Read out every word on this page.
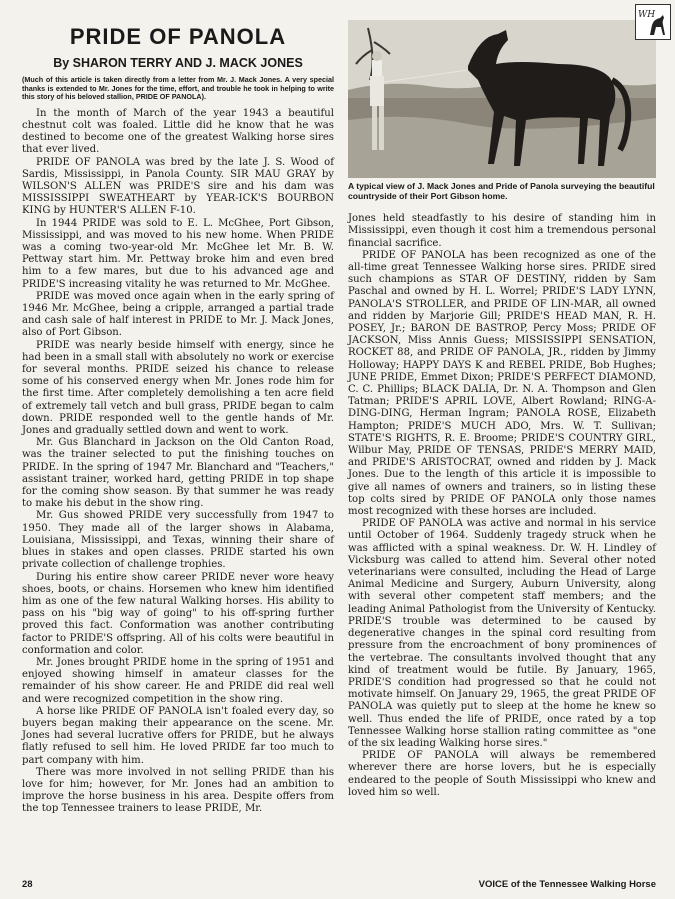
PRIDE OF PANOLA
By SHARON TERRY AND J. MACK JONES
(Much of this article is taken directly from a letter from Mr. J. Mack Jones. A very special thanks is extended to Mr. Jones for the time, effort, and trouble he took in helping to write this story of his beloved stallion, PRIDE OF PANOLA).

In the month of March of the year 1943 a beautiful chestnut colt was foaled. Little did he know that he was destined to become one of the greatest Walking horse sires that ever lived.

PRIDE OF PANOLA was bred by the late J. S. Wood of Sardis, Mississippi, in Panola County. SIR MAU GRAY by WILSON'S ALLEN was PRIDE'S sire and his dam was MISSISSIPPI SWEATHEART by YEAR-ICK'S BOURBON KING by HUNTER'S ALLEN F-10.

In 1944 PRIDE was sold to E. L. McGhee, Port Gibson, Mississippi, and was moved to his new home. When PRIDE was a coming two-year-old Mr. McGhee let Mr. B. W. Pettway start him. Mr. Pettway broke him and even bred him to a few mares, but due to his advanced age and PRIDE'S increasing vitality he was returned to Mr. McGhee.

PRIDE was moved once again when in the early spring of 1946 Mr. McGhee, being a cripple, arranged a partial trade and cash sale of half interest in PRIDE to Mr. J. Mack Jones, also of Port Gibson.

PRIDE was nearly beside himself with energy, since he had been in a small stall with absolutely no work or exercise for several months. PRIDE seized his chance to release some of his conserved energy when Mr. Jones rode him for the first time. After completely demolishing a ten acre field of extremely tall vetch and bull grass, PRIDE began to calm down. PRIDE responded well to the gentle hands of Mr. Jones and gradually settled down and went to work.

Mr. Gus Blanchard in Jackson on the Old Canton Road, was the trainer selected to put the finishing touches on PRIDE. In the spring of 1947 Mr. Blanchard and "Teachers," assistant trainer, worked hard, getting PRIDE in top shape for the coming show season. By that summer he was ready to make his debut in the show ring.

Mr. Gus showed PRIDE very successfully from 1947 to 1950. They made all of the larger shows in Alabama, Louisiana, Mississippi, and Texas, winning their share of blues in stakes and open classes. PRIDE started his own private collection of challenge trophies.

During his entire show career PRIDE never wore heavy shoes, boots, or chains. Horsemen who knew him identified him as one of the few natural Walking horses. His ability to pass on his "big way of going" to his off-spring further proved this fact. Conformation was another contributing factor to PRIDE'S offspring. All of his colts were beautiful in conformation and color.

Mr. Jones brought PRIDE home in the spring of 1951 and enjoyed showing himself in amateur classes for the remainder of his show career. He and PRIDE did real well and were recognized competition in the show ring.

A horse like PRIDE OF PANOLA isn't foaled every day, so buyers began making their appearance on the scene. Mr. Jones had several lucrative offers for PRIDE, but he always flatly refused to sell him. He loved PRIDE far too much to part company with him.

There was more involved in not selling PRIDE than his love for him; however, for Mr. Jones had an ambition to improve the horse business in his area. Despite offers from the top Tennessee trainers to lease PRIDE, Mr.

A typical view of J. Mack Jones and Pride of Panola surveying the beautiful countryside of their Port Gibson home.

Jones held steadfastly to his desire of standing him in Mississippi, even though it cost him a tremendous personal financial sacrifice.

PRIDE OF PANOLA has been recognized as one of the all-time great Tennessee Walking horse sires. PRIDE sired such champions as STAR OF DESTINY, ridden by Sam Paschal and owned by H. L. Worrel; PRIDE'S LADY LYNN, PANOLA'S STROLLER, and PRIDE OF LIN-MAR, all owned and ridden by Marjorie Gill; PRIDE'S HEAD MAN, R. H. POSEY, Jr.; BARON DE BASTROP, Percy Moss; PRIDE OF JACKSON, Miss Annis Guess; MISSISSIPPI SENSATION, ROCKET 88, and PRIDE OF PANOLA, JR., ridden by Jimmy Holloway; HAPPY DAYS K and REBEL PRIDE, Bob Hughes; JUNE PRIDE, Emmet Dixon; PRIDE'S PERFECT DIAMOND, C. C. Phillips; BLACK DALIA, Dr. N. A. Thompson and Glen Tatman; PRIDE'S APRIL LOVE, Albert Rowland; RING-A-DING-DING, Herman Ingram; PANOLA ROSE, Elizabeth Hampton; PRIDE'S MUCH ADO, Mrs. W. T. Sullivan; STATE'S RIGHTS, R. E. Broome; PRIDE'S COUNTRY GIRL, Wilbur May, PRIDE OF TENSAS, PRIDE'S MERRY MAID, and PRIDE'S ARISTOCRAT, owned and ridden by J. Mack Jones. Due to the length of this article it is impossible to give all names of owners and trainers, so in listing these top colts sired by PRIDE OF PANOLA only those names most recognized with these horses are included.

PRIDE OF PANOLA was active and normal in his service until October of 1964. Suddenly tragedy struck when he was afflicted with a spinal weakness. Dr. W. H. Lindley of Vicksburg was called to attend him. Several other noted veterinarians were consulted, including the Head of Large Animal Medicine and Surgery, Auburn University, along with several other competent staff members; and the leading Animal Pathologist from the University of Kentucky. PRIDE'S trouble was determined to be caused by degenerative changes in the spinal cord resulting from pressure from the encroachment of bony prominences of the vertebrae. The consultants involved thought that any kind of treatment would be futile. By January, 1965, PRIDE'S condition had progressed so that he could not motivate himself. On January 29, 1965, the great PRIDE OF PANOLA was quietly put to sleep at the home he knew so well. Thus ended the life of PRIDE, once rated by a top Tennessee Walking horse stallion rating committee as "one of the six leading Walking horse sires."

PRIDE OF PANOLA will always be remembered wherever there are horse lovers, but he is especially endeared to the people of South Mississippi who knew and loved him so well.

WH
28	VOICE of the Tennessee Walking Horse
